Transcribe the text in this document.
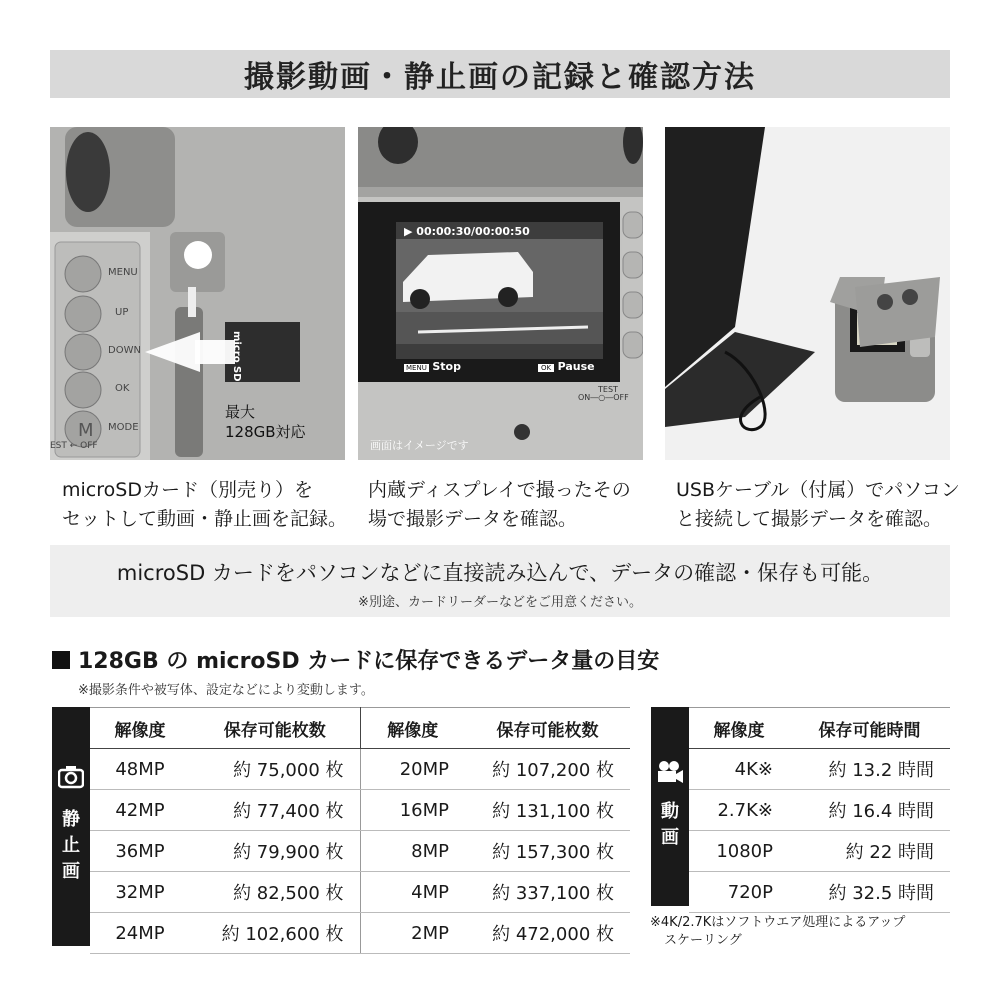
撮影動画・静止画の記録と確認方法
M
MENU
UP
DOWN
OK
MODE
EST ← OFF
micro SD
最大
128GB対応
▶ 00:00:30/00:00:50
MENU Stop	OK Pause
TEST
ON―○―OFF
画面はイメージです
microSDカード（別売り）を
セットして動画・静止画を記録。
内蔵ディスプレイで撮ったその
場で撮影データを確認。
USBケーブル（付属）でパソコン
と接続して撮影データを確認。
microSD カードをパソコンなどに直接読み込んで、データの確認・保存も可能。
※別途、カードリーダーなどをご用意ください。
128GB の microSD カードに保存できるデータ量の目安
※撮影条件や被写体、設定などにより変動します。
静
止
画
解像度	保存可能枚数	解像度	保存可能枚数
48MP	約 75,000 枚	20MP	約 107,200 枚
42MP	約 77,400 枚	16MP	約 131,100 枚
36MP	約 79,900 枚	8MP	約 157,300 枚
32MP	約 82,500 枚	4MP	約 337,100 枚
24MP	約 102,600 枚	2MP	約 472,000 枚
動
画
解像度	保存可能時間
4K※	約 13.2 時間
2.7K※	約 16.4 時間
1080P	約 22 時間
720P	約 32.5 時間
※4K/2.7Kはソフトウエア処理によるアップ
スケーリング
